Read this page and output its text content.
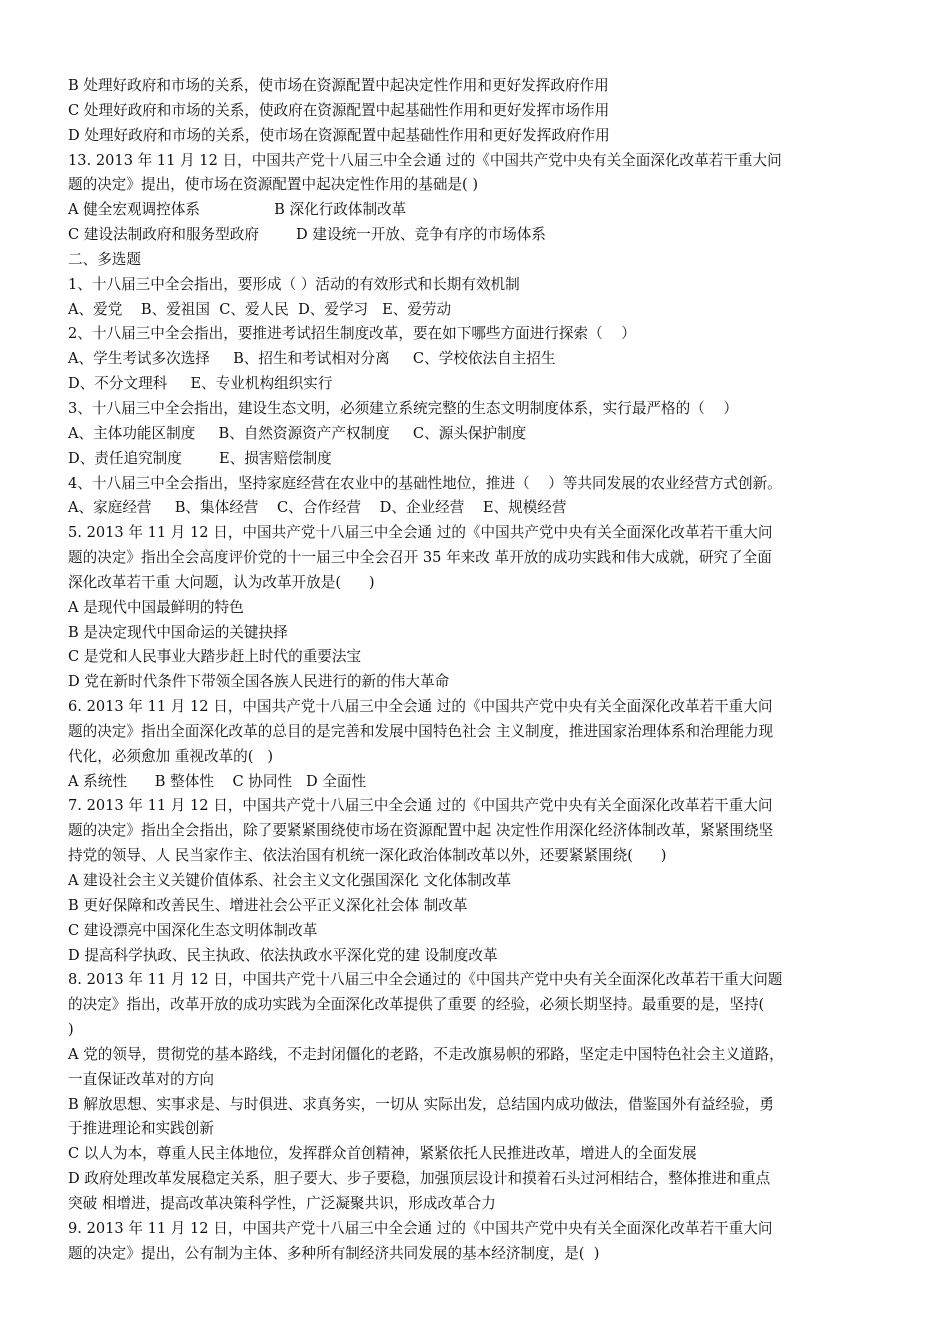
B 处理好政府和市场的关系，使市场在资源配置中起决定性作用和更好发挥政府作用
C 处理好政府和市场的关系，使政府在资源配置中起基础性作用和更好发挥市场作用
D 处理好政府和市场的关系，使市场在资源配置中起基础性作用和更好发挥政府作用
13. 2013 年 11 月 12 日，中国共产党十八届三中全会通 过的《中国共产党中央有关全面深化改革若干重大问
题的决定》提出，使市场在资源配置中起决定性作用的基础是( )
A 健全宏观调控体系                B 深化行政体制改革
C 建设法制政府和服务型政府        D 建设统一开放、竞争有序的市场体系
二、多选题
1、十八届三中全会指出，要形成（ ）活动的有效形式和长期有效机制
A、爱党    B、爱祖国  C、爱人民  D、爱学习   E、爱劳动
2、十八届三中全会指出，要推进考试招生制度改革，要在如下哪些方面进行探索（    ）
A、学生考试多次选择     B、招生和考试相对分离     C、学校依法自主招生
D、不分文理科     E、专业机构组织实行
3、十八届三中全会指出，建设生态文明，必须建立系统完整的生态文明制度体系，实行最严格的（    ）
A、主体功能区制度     B、自然资源资产产权制度     C、源头保护制度
D、责任追究制度        E、损害赔偿制度
4、十八届三中全会指出，坚持家庭经营在农业中的基础性地位，推进（    ）等共同发展的农业经营方式创新。
A、家庭经营     B、集体经营    C、合作经营    D、企业经营    E、规模经营
5. 2013 年 11 月 12 日，中国共产党十八届三中全会通 过的《中国共产党中央有关全面深化改革若干重大问
题的决定》指出全会高度评价党的十一届三中全会召开 35 年来改 革开放的成功实践和伟大成就，研究了全面
深化改革若干重 大问题，认为改革开放是(      )
A 是现代中国最鲜明的特色
B 是决定现代中国命运的关键抉择
C 是党和人民事业大踏步赶上时代的重要法宝
D 党在新时代条件下带领全国各族人民进行的新的伟大革命
6. 2013 年 11 月 12 日，中国共产党十八届三中全会通 过的《中国共产党中央有关全面深化改革若干重大问
题的决定》指出全面深化改革的总目的是完善和发展中国特色社会 主义制度，推进国家治理体系和治理能力现
代化，必须愈加 重视改革的(   )
A 系统性      B 整体性    C 协同性   D 全面性
7. 2013 年 11 月 12 日，中国共产党十八届三中全会通 过的《中国共产党中央有关全面深化改革若干重大问
题的决定》指出全会指出，除了要紧紧围绕使市场在资源配置中起 决定性作用深化经济体制改革，紧紧围绕坚
持党的领导、人 民当家作主、依法治国有机统一深化政治体制改革以外，还要紧紧围绕(      )
A 建设社会主义关键价值体系、社会主义文化强国深化 文化体制改革
B 更好保障和改善民生、增进社会公平正义深化社会体 制改革
C 建设漂亮中国深化生态文明体制改革
D 提高科学执政、民主执政、依法执政水平深化党的建 设制度改革
8. 2013 年 11 月 12 日，中国共产党十八届三中全会通过的《中国共产党中央有关全面深化改革若干重大问题
的决定》指出，改革开放的成功实践为全面深化改革提供了重要 的经验，必须长期坚持。最重要的是，坚持(
)
A 党的领导，贯彻党的基本路线，不走封闭僵化的老路，不走改旗易帜的邪路，坚定走中国特色社会主义道路，
一直保证改革对的方向
B 解放思想、实事求是、与时俱进、求真务实，一切从 实际出发，总结国内成功做法，借鉴国外有益经验，勇
于推进理论和实践创新
C 以人为本，尊重人民主体地位，发挥群众首创精神，紧紧依托人民推进改革，增进人的全面发展
D 政府处理改革发展稳定关系，胆子要大、步子要稳，加强顶层设计和摸着石头过河相结合，整体推进和重点
突破 相增进，提高改革决策科学性，广泛凝聚共识，形成改革合力
9. 2013 年 11 月 12 日，中国共产党十八届三中全会通 过的《中国共产党中央有关全面深化改革若干重大问
题的决定》提出，公有制为主体、多种所有制经济共同发展的基本经济制度，是(  )
